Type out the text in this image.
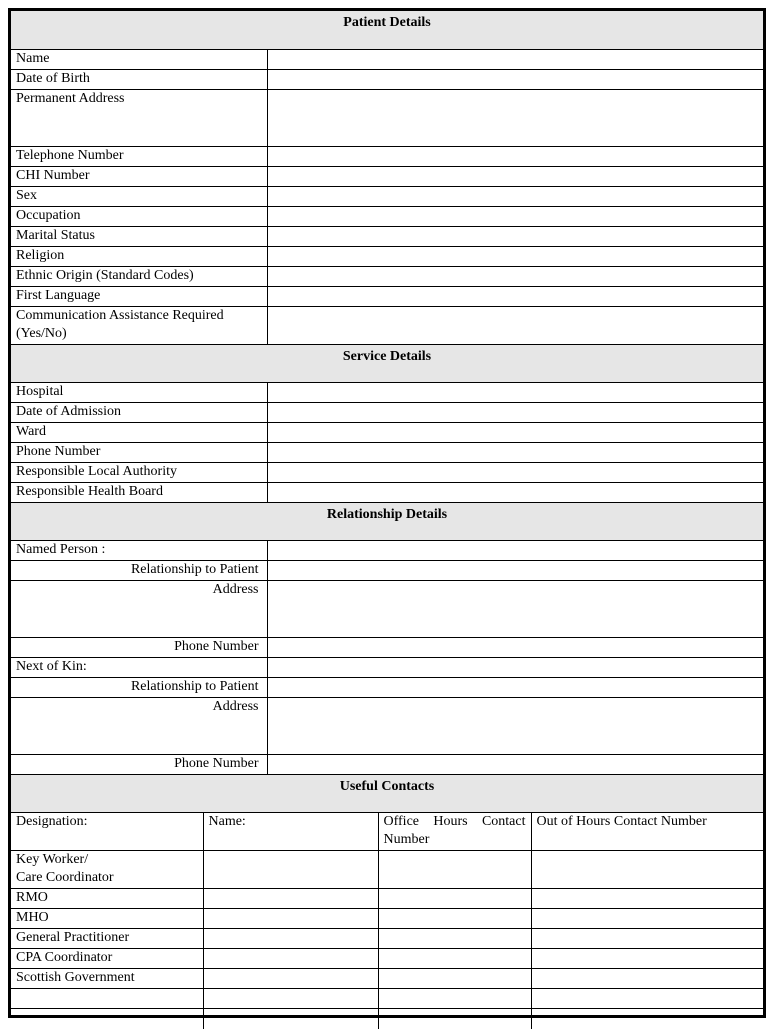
Patient Details	
Name	
Date of Birth	
Permanent Address	
Telephone Number	
CHI Number	
Sex	
Occupation	
Marital Status	
Religion	
Ethnic Origin (Standard Codes)	
First Language	
Communication Assistance Required (Yes/No)	
Service Details	
Hospital	
Date of Admission	
Ward	
Phone Number	
Responsible Local Authority	
Responsible Health Board	
Relationship Details	
Named Person :	
Relationship to Patient	
Address	
Phone Number	
Next of Kin:	
Relationship to Patient	
Address	
Phone Number	
Useful Contacts	
Designation:	Name:	Office Hours Contact Number	Out of Hours Contact Number
Key Worker/
Care Coordinator			
RMO			
MHO			
General Practitioner			
CPA Coordinator			
Scottish Government			
